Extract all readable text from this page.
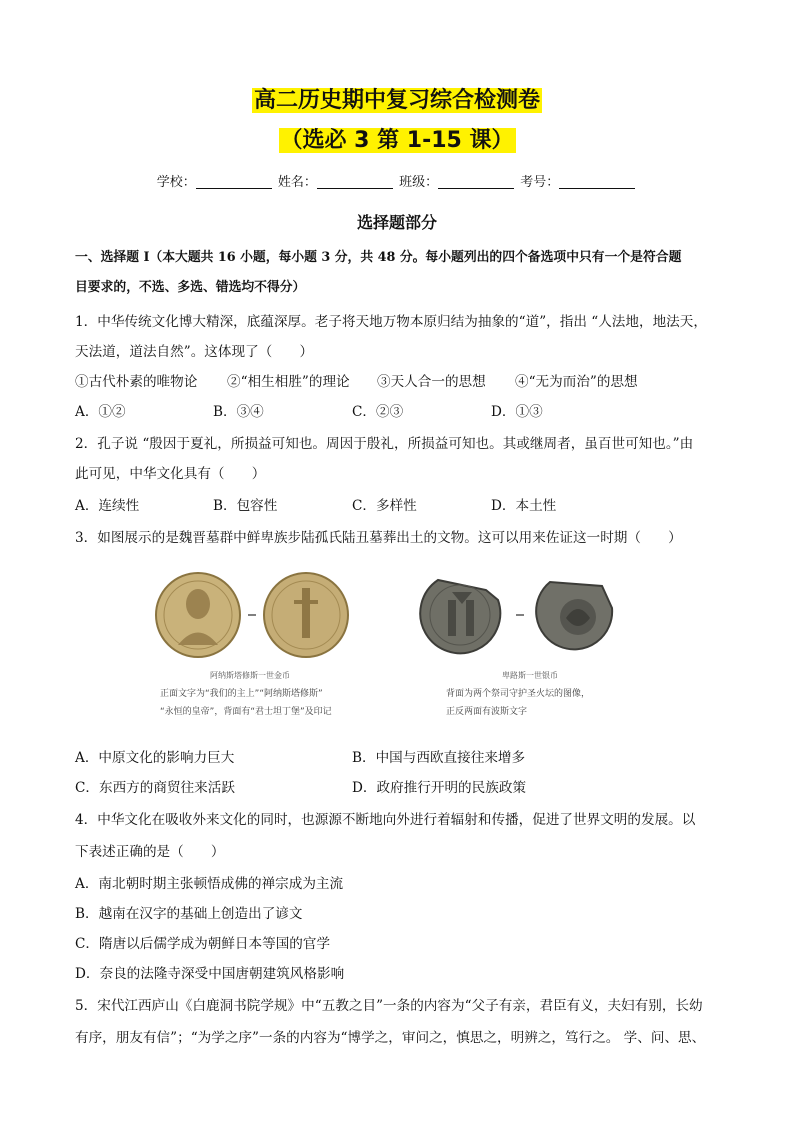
高二历史期中复习综合检测卷
（选必 3 第 1-15 课）
学校：	姓名：	班级：	考号：
选择题部分
一、选择题 I（本大题共 16 小题，每小题 3 分，共 48 分。每小题列出的四个备选项中只有一个是符合题
目要求的，不选、多选、错选均不得分）
1．中华传统文化博大精深，底蕴深厚。老子将天地万物本原归结为抽象的“道”，指出 “人法地，地法天，
天法道，道法自然”。这体现了（　　）
①古代朴素的唯物论 ②“相生相胜”的理论 ③天人合一的思想 ④“无为而治”的思想
A．①②	B．③④	C．②③	D．①③
2．孔子说 “殷因于夏礼，所损益可知也。周因于殷礼，所损益可知也。其或继周者，虽百世可知也。”由
此可见，中华文化具有（　　）
A．连续性	B．包容性	C．多样性	D．本土性
3．如图展示的是魏晋墓群中鲜卑族步陆孤氏陆丑墓葬出土的文物。这可以用来佐证这一时期（　　）
阿纳斯塔修斯一世金币
正面文字为“我们的主上”“阿纳斯塔修斯”
“永恒的皇帝”，背面有“君士坦丁堡”及印记
卑路斯一世银币
背面为两个祭司守护圣火坛的图像，
正反两面有波斯文字
A．中原文化的影响力巨大	B．中国与西欧直接往来增多
C．东西方的商贸往来活跃	D．政府推行开明的民族政策
4．中华文化在吸收外来文化的同时，也源源不断地向外进行着辐射和传播，促进了世界文明的发展。以
下表述正确的是（　　）
A．南北朝时期主张顿悟成佛的禅宗成为主流
B．越南在汉字的基础上创造出了谚文
C．隋唐以后儒学成为朝鲜日本等国的官学
D．奈良的法隆寺深受中国唐朝建筑风格影响
5．宋代江西庐山《白鹿洞书院学规》中“五教之目”一条的内容为“父子有亲，君臣有义，夫妇有别，长幼
有序，朋友有信”；“为学之序”一条的内容为“博学之，审问之，慎思之，明辨之，笃行之。 学、问、思、
